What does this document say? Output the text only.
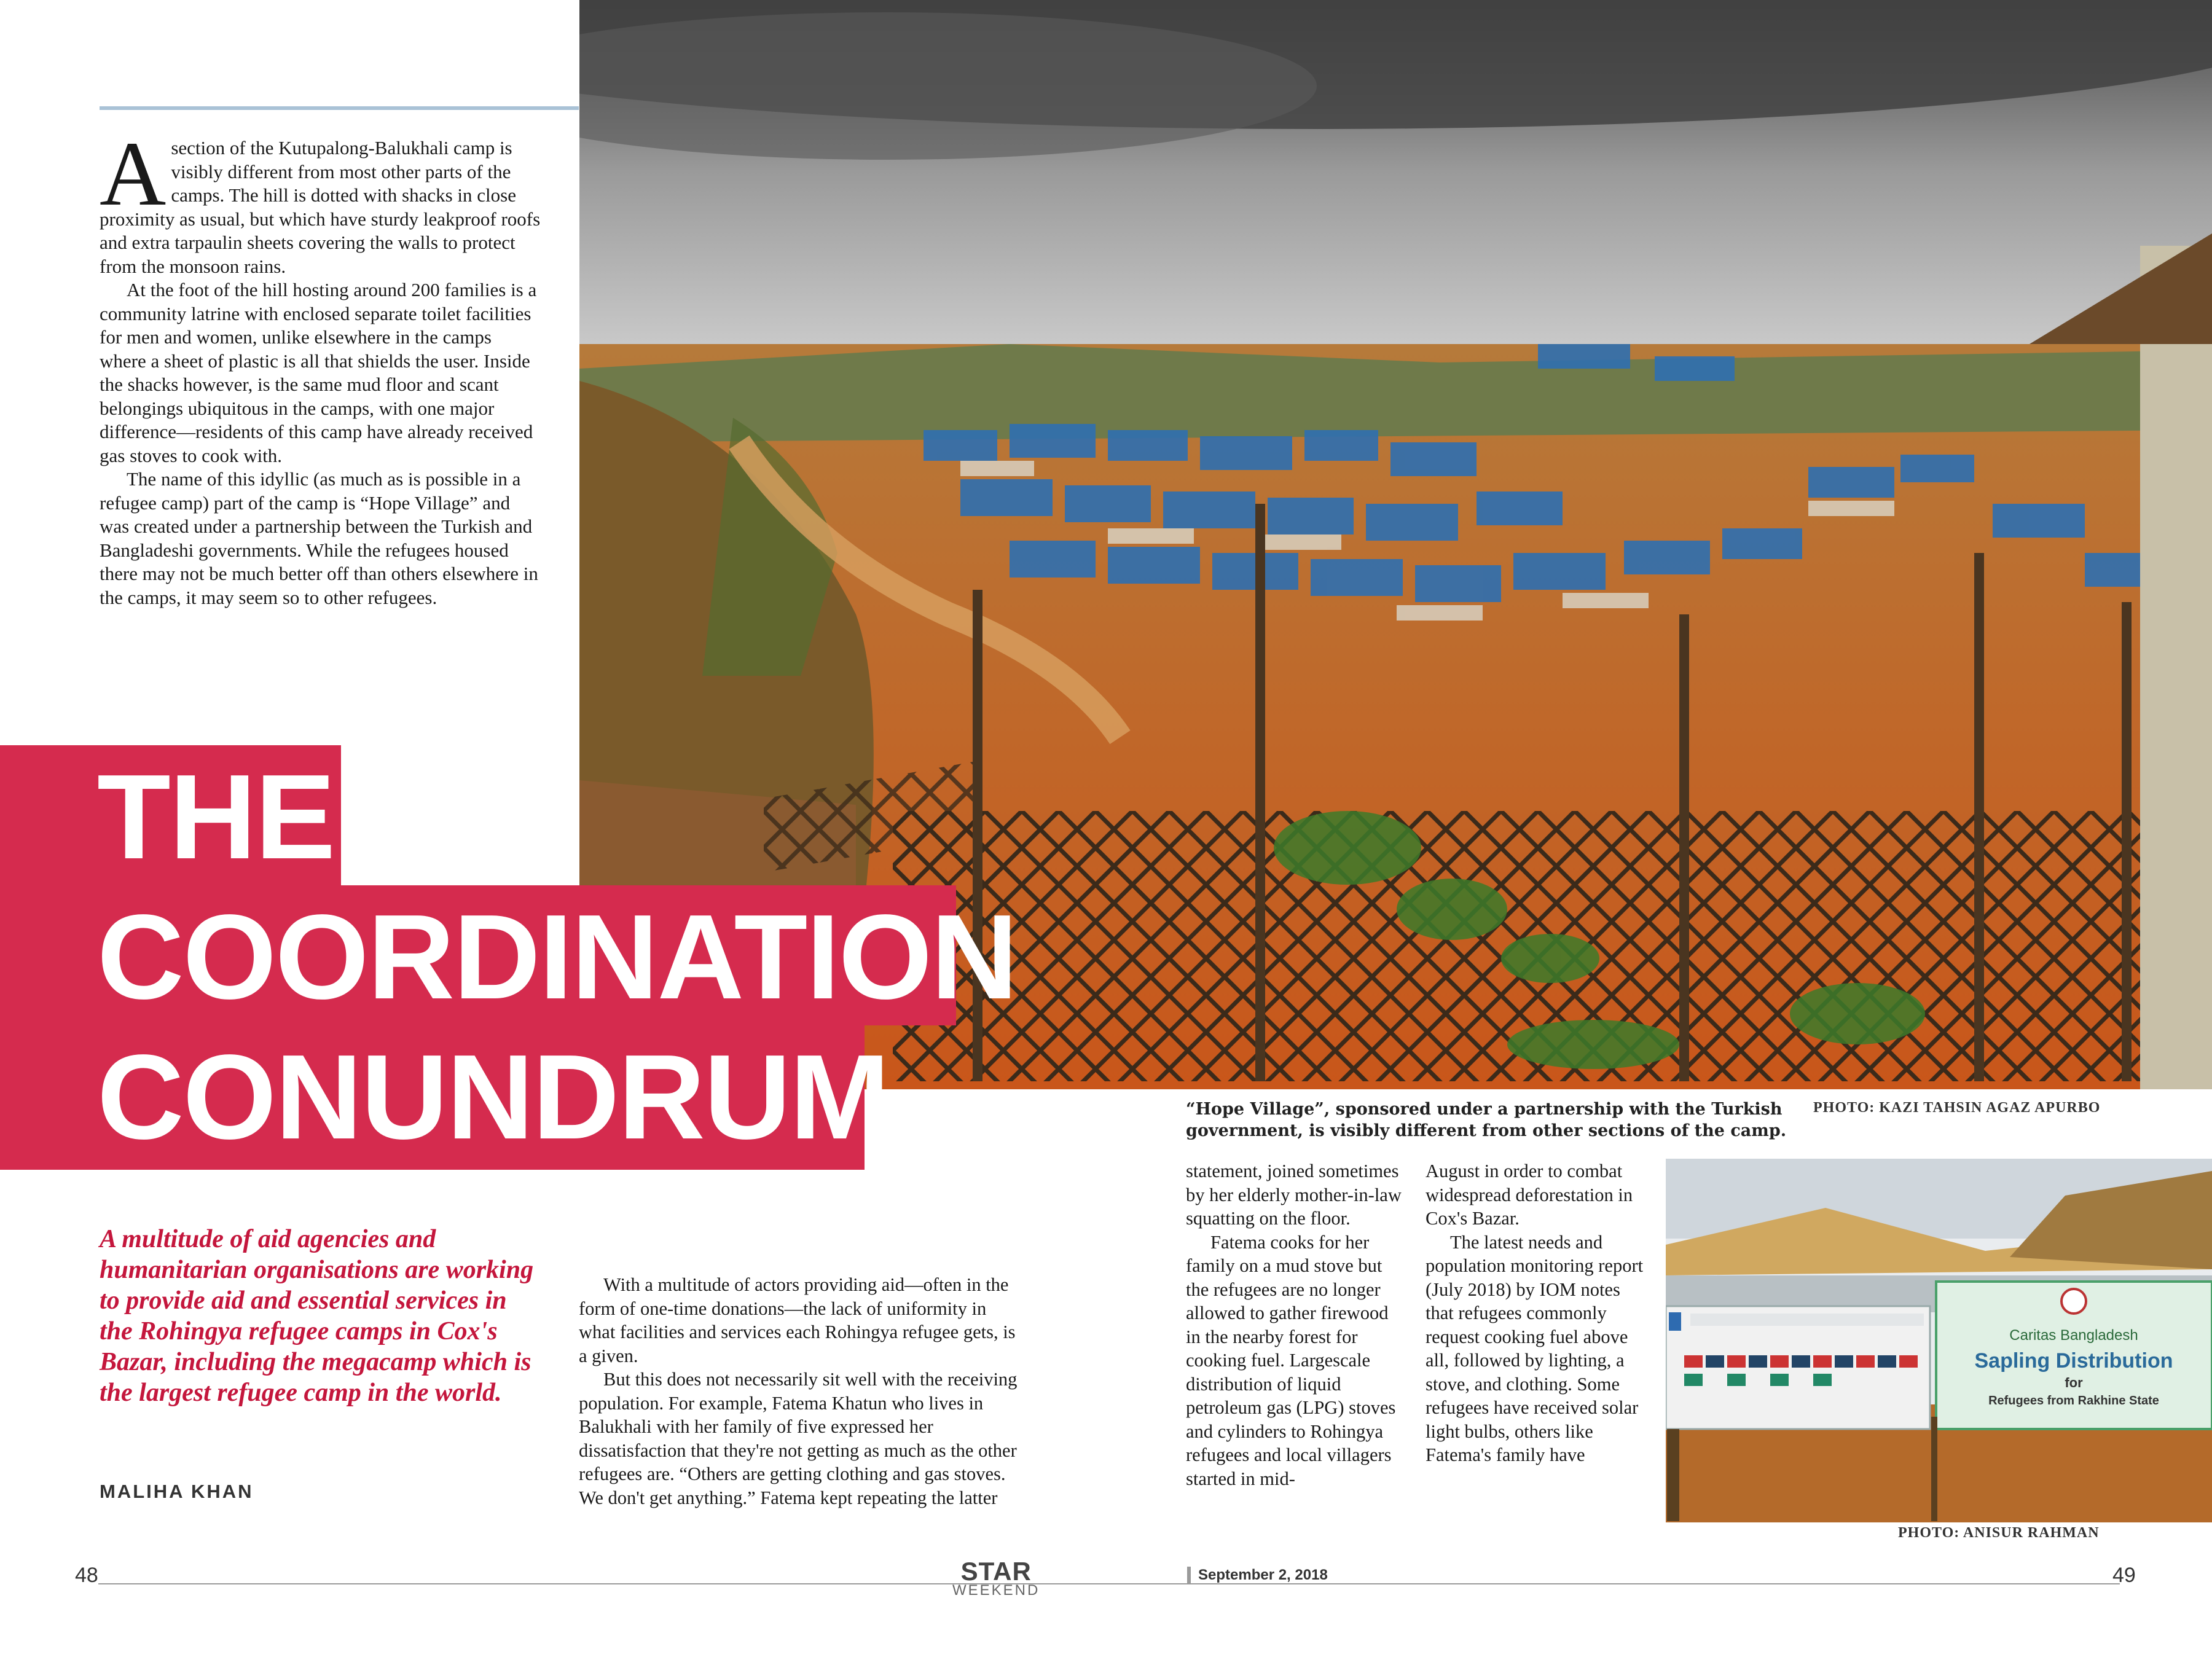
Asection of the Kutupalong-Balukhali camp is visibly different from most other parts of the camps. The hill is dotted with shacks in close proximity as usual, but which have sturdy leakproof roofs and extra tarpaulin sheets covering the walls to protect from the monsoon rains.

At the foot of the hill hosting around 200 families is a community latrine with enclosed separate toilet facilities for men and women, unlike elsewhere in the camps where a sheet of plastic is all that shields the user. Inside the shacks however, is the same mud floor and scant belongings ubiquitous in the camps, with one major difference—residents of this camp have already received gas stoves to cook with.

The name of this idyllic (as much as is possible in a refugee camp) part of the camp is “Hope Village” and was created under a partnership between the Turkish and Bangladeshi governments. While the refugees housed there may not be much better off than others elsewhere in the camps, it may seem so to other refugees.

THE
COORDINATION
CONUNDRUM
A multitude of aid agencies and humanitarian organisations are working to provide aid and essential services in the Rohingya refugee camps in Cox's Bazar, including the megacamp which is the largest refugee camp in the world.
MALIHA KHAN

With a multitude of actors providing aid—often in the form of one-time donations—the lack of uniformity in what facilities and services each Rohingya refugee gets, is a given.

But this does not necessarily sit well with the receiving population. For example, Fatema Khatun who lives in Balukhali with her family of five expressed her dissatisfaction that they're not getting as much as the other refugees are. “Others are getting clothing and gas stoves. We don't get anything.” Fatema kept repeating the latter

statement, joined sometimes by her elderly mother-in-law squatting on the floor.

Fatema cooks for her family on a mud stove but the refugees are no longer allowed to gather firewood in the nearby forest for cooking fuel. Largescale distribution of liquid petroleum gas (LPG) stoves and cylinders to Rohingya refugees and local villagers started in mid-

August in order to combat widespread deforestation in Cox's Bazar.

The latest needs and population monitoring report (July 2018) by IOM notes that refugees commonly request cooking fuel above all, followed by lighting, a stove, and clothing. Some refugees have received solar light bulbs, others like Fatema's family have

“Hope Village”, sponsored under a partnership with the Turkish government, is visibly different from other sections of the camp.
PHOTO: KAZI TAHSIN AGAZ APURBO
Caritas Bangladesh
Sapling Distribution
for
Refugees from Rakhine State
PHOTO: ANISUR RAHMAN
48	STAR
WEEKEND
September 2, 2018	49
